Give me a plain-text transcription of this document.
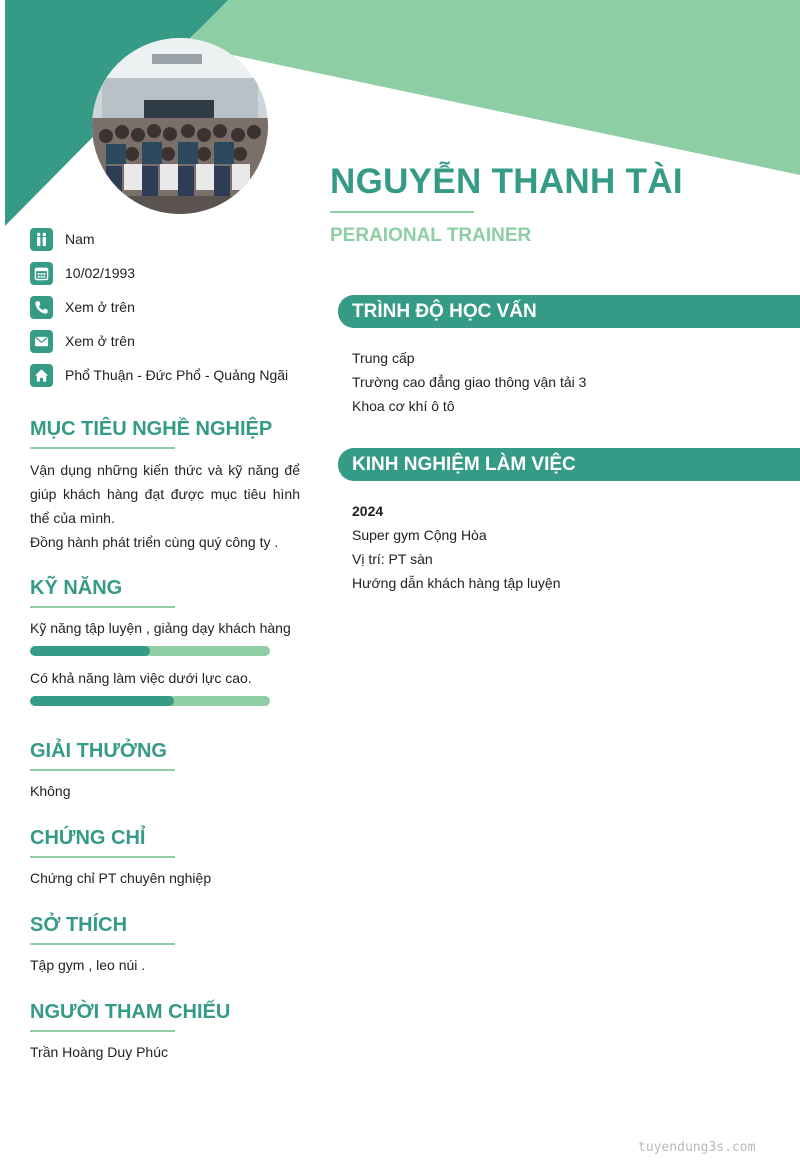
NGUYỄN THANH TÀI
PERAIONAL TRAINER
Nam
10/02/1993
Xem ở trên
Xem ở trên
Phổ Thuận - Đức Phổ - Quảng Ngãi
MỤC TIÊU NGHỀ NGHIỆP
Vận dụng những kiến thức và kỹ năng để giúp khách hàng đạt được mục tiêu hình thể của mình.
Đồng hành phát triển cùng quý công ty .
KỸ NĂNG
Kỹ năng tập luyện , giảng dạy khách hàng
Có khả năng làm việc dưới lực cao.
GIẢI THƯỞNG
Không
CHỨNG CHỈ
Chứng chỉ PT chuyên nghiệp
SỞ THÍCH
Tập gym , leo núi .
NGƯỜI THAM CHIẾU
Trần Hoàng Duy Phúc
TRÌNH ĐỘ HỌC VẤN
Trung cấp
Trường cao đẳng giao thông vận tải 3
Khoa cơ khí ô tô
KINH NGHIỆM LÀM VIỆC
2024
Super gym Cộng Hòa
Vị trí: PT sàn
Hướng dẫn khách hàng tập luyện
tuyendung3s.com
